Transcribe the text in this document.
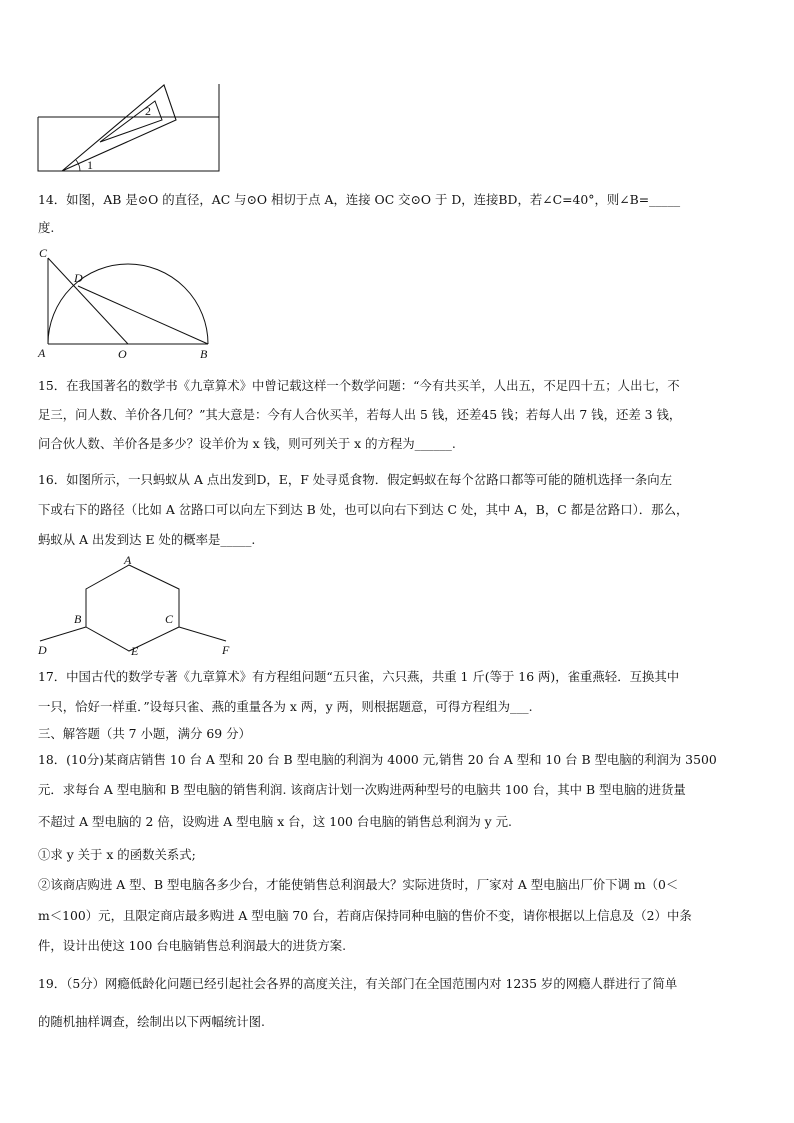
1
2
14．如图，AB 是⊙O 的直径，AC 与⊙O 相切于点 A，连接 OC 交⊙O 于 D，连接BD，若∠C=40°，则∠B=_____
度.
C
D
A	O	B
15．在我国著名的数学书《九章算术》中曾记载这样一个数学问题：“今有共买羊，人出五，不足四十五；人出七，不
足三，问人数、羊价各几何？”其大意是：今有人合伙买羊，若每人出 5 钱，还差45 钱；若每人出 7 钱，还差 3 钱，
问合伙人数、羊价各是多少？设羊价为 x 钱，则可列关于 x 的方程为______.
16．如图所示，一只蚂蚁从 A 点出发到D，E，F 处寻觅食物．假定蚂蚁在每个岔路口都等可能的随机选择一条向左
下或右下的路径（比如 A 岔路口可以向左下到达 B 处，也可以向右下到达 C 处，其中 A，B，C 都是岔路口）．那么，
蚂蚁从 A 出发到达 E 处的概率是_____.
A
B	C
D	E	F
17．中国古代的数学专著《九章算术》有方程组问题“五只雀，六只燕，共重 1 斤(等于 16 两)，雀重燕轻．互换其中
一只，恰好一样重．”设每只雀、燕的重量各为 x 两，y 两，则根据题意，可得方程组为___.
三、解答题（共 7 小题，满分 69 分）
18．(10分)某商店销售 10 台 A 型和 20 台 B 型电脑的利润为 4000 元,销售 20 台 A 型和 10 台 B 型电脑的利润为 3500
元．求每台 A 型电脑和 B 型电脑的销售利润. 该商店计划一次购进两种型号的电脑共 100 台，其中 B 型电脑的进货量
不超过 A 型电脑的 2 倍，设购进 A 型电脑 x 台，这 100 台电脑的销售总利润为 y 元.
①求 y 关于 x 的函数关系式;
②该商店购进 A 型、B 型电脑各多少台，才能使销售总利润最大？实际进货时，厂家对 A 型电脑出厂价下调 m（0＜
m＜100）元，且限定商店最多购进 A 型电脑 70 台，若商店保持同种电脑的售价不变，请你根据以上信息及（2）中条
件，设计出使这 100 台电脑销售总利润最大的进货方案.
19．（5分）网瘾低龄化问题已经引起社会各界的高度关注，有关部门在全国范围内对 1235 岁的网瘾人群进行了简单
的随机抽样调查，绘制出以下两幅统计图.
